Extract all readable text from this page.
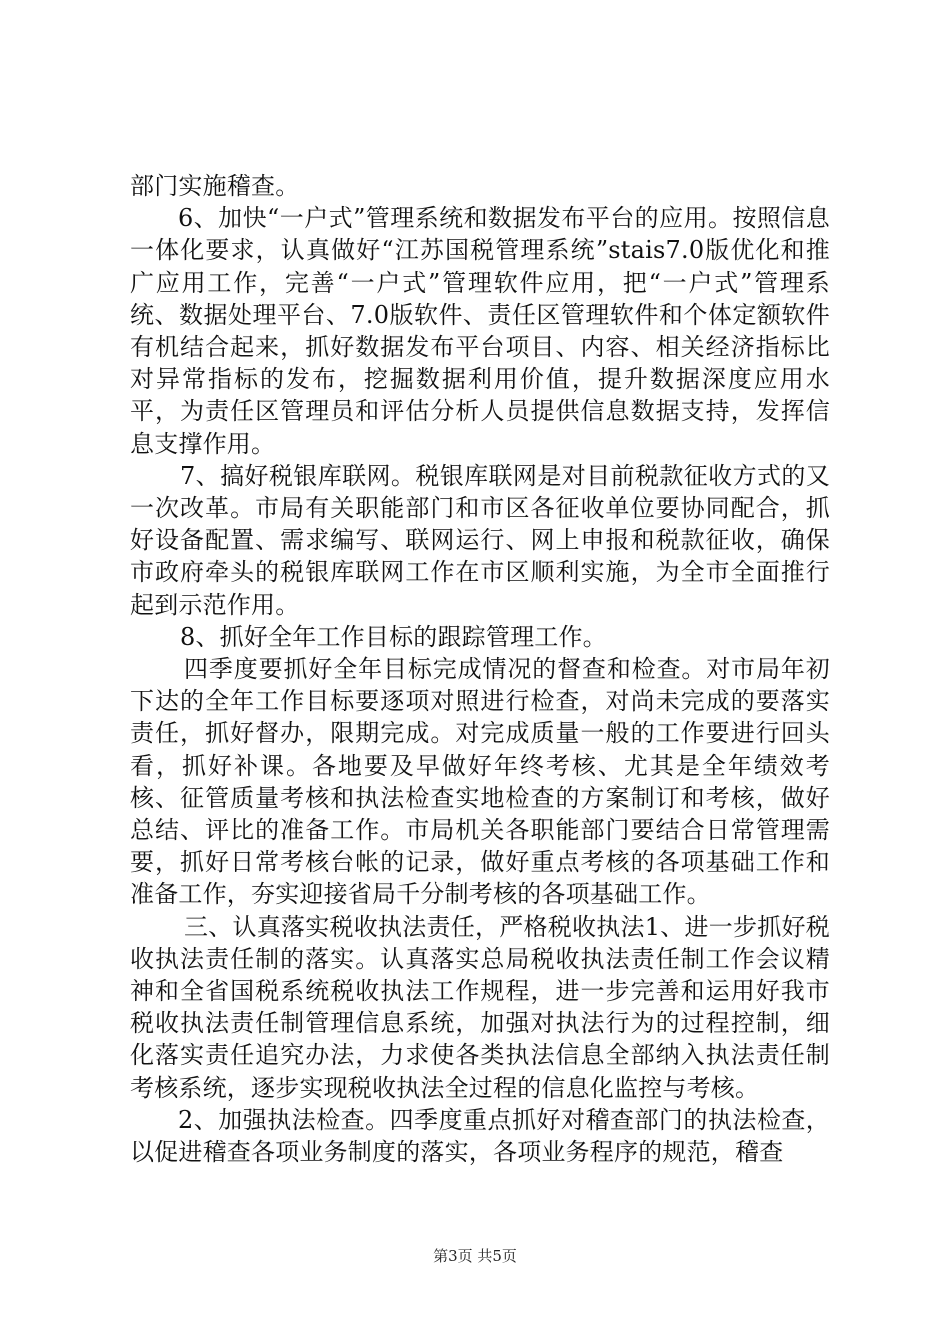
部门实施稽查。

6、加快“一户式”管理系统和数据发布平台的应用。按照信息一体化要求，认真做好“江苏国税管理系统”stais7.0版优化和推广应用工作，完善“一户式”管理软件应用，把“一户式”管理系统、数据处理平台、7.0版软件、责任区管理软件和个体定额软件有机结合起来，抓好数据发布平台项目、内容、相关经济指标比对异常指标的发布，挖掘数据利用价值，提升数据深度应用水平，为责任区管理员和评估分析人员提供信息数据支持，发挥信息支撑作用。

7、搞好税银库联网。税银库联网是对目前税款征收方式的又一次改革。市局有关职能部门和市区各征收单位要协同配合，抓好设备配置、需求编写、联网运行、网上申报和税款征收，确保市政府牵头的税银库联网工作在市区顺利实施，为全市全面推行起到示范作用。

8、抓好全年工作目标的跟踪管理工作。

四季度要抓好全年目标完成情况的督查和检查。对市局年初下达的全年工作目标要逐项对照进行检查，对尚未完成的要落实责任，抓好督办，限期完成。对完成质量一般的工作要进行回头看，抓好补课。各地要及早做好年终考核、尤其是全年绩效考核、征管质量考核和执法检查实地检查的方案制订和考核，做好总结、评比的准备工作。市局机关各职能部门要结合日常管理需要，抓好日常考核台帐的记录，做好重点考核的各项基础工作和准备工作，夯实迎接省局千分制考核的各项基础工作。

三、认真落实税收执法责任，严格税收执法1、进一步抓好税收执法责任制的落实。认真落实总局税收执法责任制工作会议精神和全省国税系统税收执法工作规程，进一步完善和运用好我市税收执法责任制管理信息系统，加强对执法行为的过程控制，细化落实责任追究办法，力求使各类执法信息全部纳入执法责任制考核系统，逐步实现税收执法全过程的信息化监控与考核。

2、加强执法检查。四季度重点抓好对稽查部门的执法检查，以促进稽查各项业务制度的落实，各项业务程序的规范，稽查

第3页 共5页
